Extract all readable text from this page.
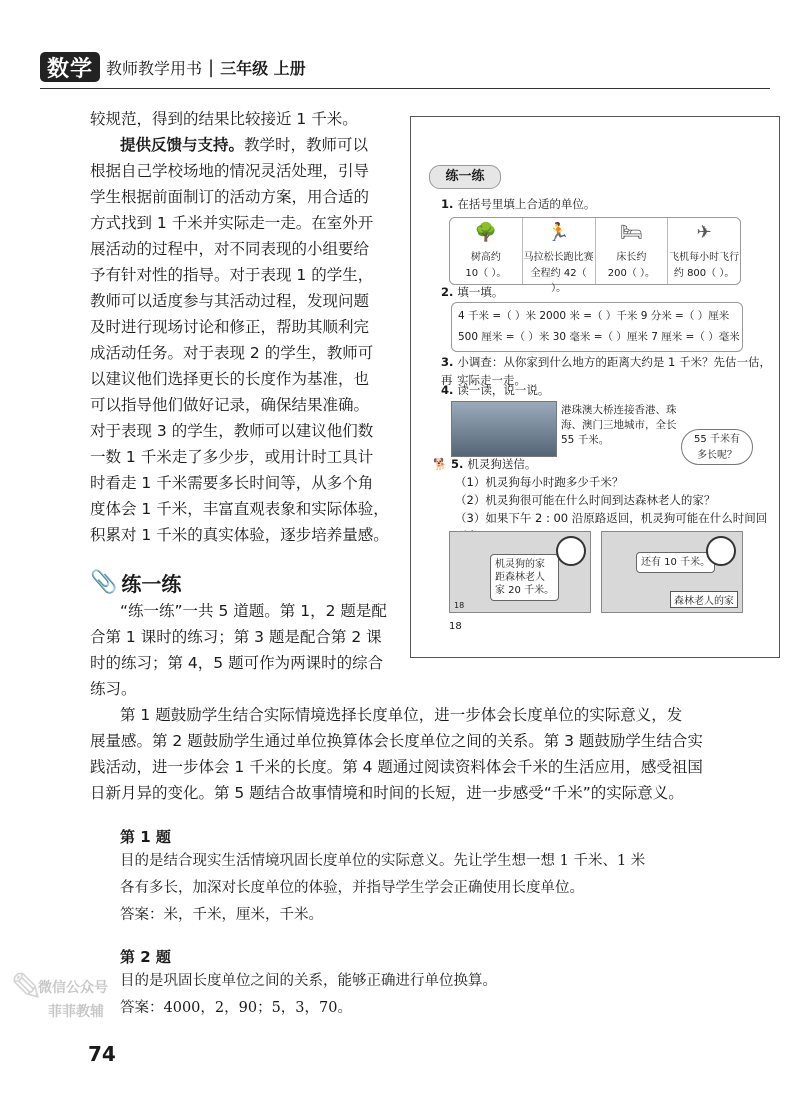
数学 教师教学用书 | 三年级 上册
较规范，得到的结果比较接近 1 千米。
提供反馈与支持。教学时，教师可以
根据自己学校场地的情况灵活处理，引导
学生根据前面制订的活动方案，用合适的
方式找到 1 千米并实际走一走。在室外开
展活动的过程中，对不同表现的小组要给
予有针对性的指导。对于表现 1 的学生，
教师可以适度参与其活动过程，发现问题
及时进行现场讨论和修正，帮助其顺利完
成活动任务。对于表现 2 的学生，教师可
以建议他们选择更长的长度作为基准，也
可以指导他们做好记录，确保结果准确。
对于表现 3 的学生，教师可以建议他们数
一数 1 千米走了多少步，或用计时工具计
时看走 1 千米需要多长时间等，从多个角
度体会 1 千米，丰富直观表象和实际体验，
积累对 1 千米的真实体验，逐步培养量感。
📎 练一练
“练一练”一共 5 道题。第 1，2 题是配
合第 1 课时的练习；第 3 题是配合第 2 课
时的练习；第 4，5 题可作为两课时的综合
练习。
第 1 题鼓励学生结合实际情境选择长度单位，进一步体会长度单位的实际意义，发
展量感。第 2 题鼓励学生通过单位换算体会长度单位之间的关系。第 3 题鼓励学生结合实
践活动，进一步体会 1 千米的长度。第 4 题通过阅读资料体会千米的生活应用，感受祖国
日新月异的变化。第 5 题结合故事情境和时间的长短，进一步感受“千米”的实际意义。
第 1 题
目的是结合现实生活情境巩固长度单位的实际意义。先让学生想一想 1 千米、1 米
各有多长，加深对长度单位的体验，并指导学生学会正确使用长度单位。
答案：米，千米，厘米，千米。
第 2 题
目的是巩固长度单位之间的关系，能够正确进行单位换算。
答案：4000，2，90；5，3，70。
74
✎
微信公众号
菲菲教辅
练一练
1. 在括号里填上合适的单位。
🌳
树高约
10（ ）。
🏃
马拉松长跑比赛
全程约 42（ ）。
🛏
床长约
200（ ）。
✈
飞机每小时飞行
约 800（ ）。
2. 填一填。
4 千米 =（ ）米 2000 米 =（ ）千米 9 分米 =（ ）厘米
500 厘米 =（ ）米 30 毫米 =（ ）厘米 7 厘米 =（ ）毫米
3. 小调查：从你家到什么地方的距离大约是 1 千米？先估一估，再 实际走一走。
4. 读一读，说一说。
港珠澳大桥连接香港、珠
海、澳门三地城市，全长
55 千米。	55 千米有
多长呢？
🐕 5. 机灵狗送信。
（1）机灵狗每小时跑多少千米？
（2）机灵狗很可能在什么时间到达森林老人的家？
（3）如果下午 2 : 00 沿原路返回，机灵狗可能在什么时间回
机灵狗的家
距森林老人
家 20 千米。
18
还有 10 千米。
森林老人的家
18
